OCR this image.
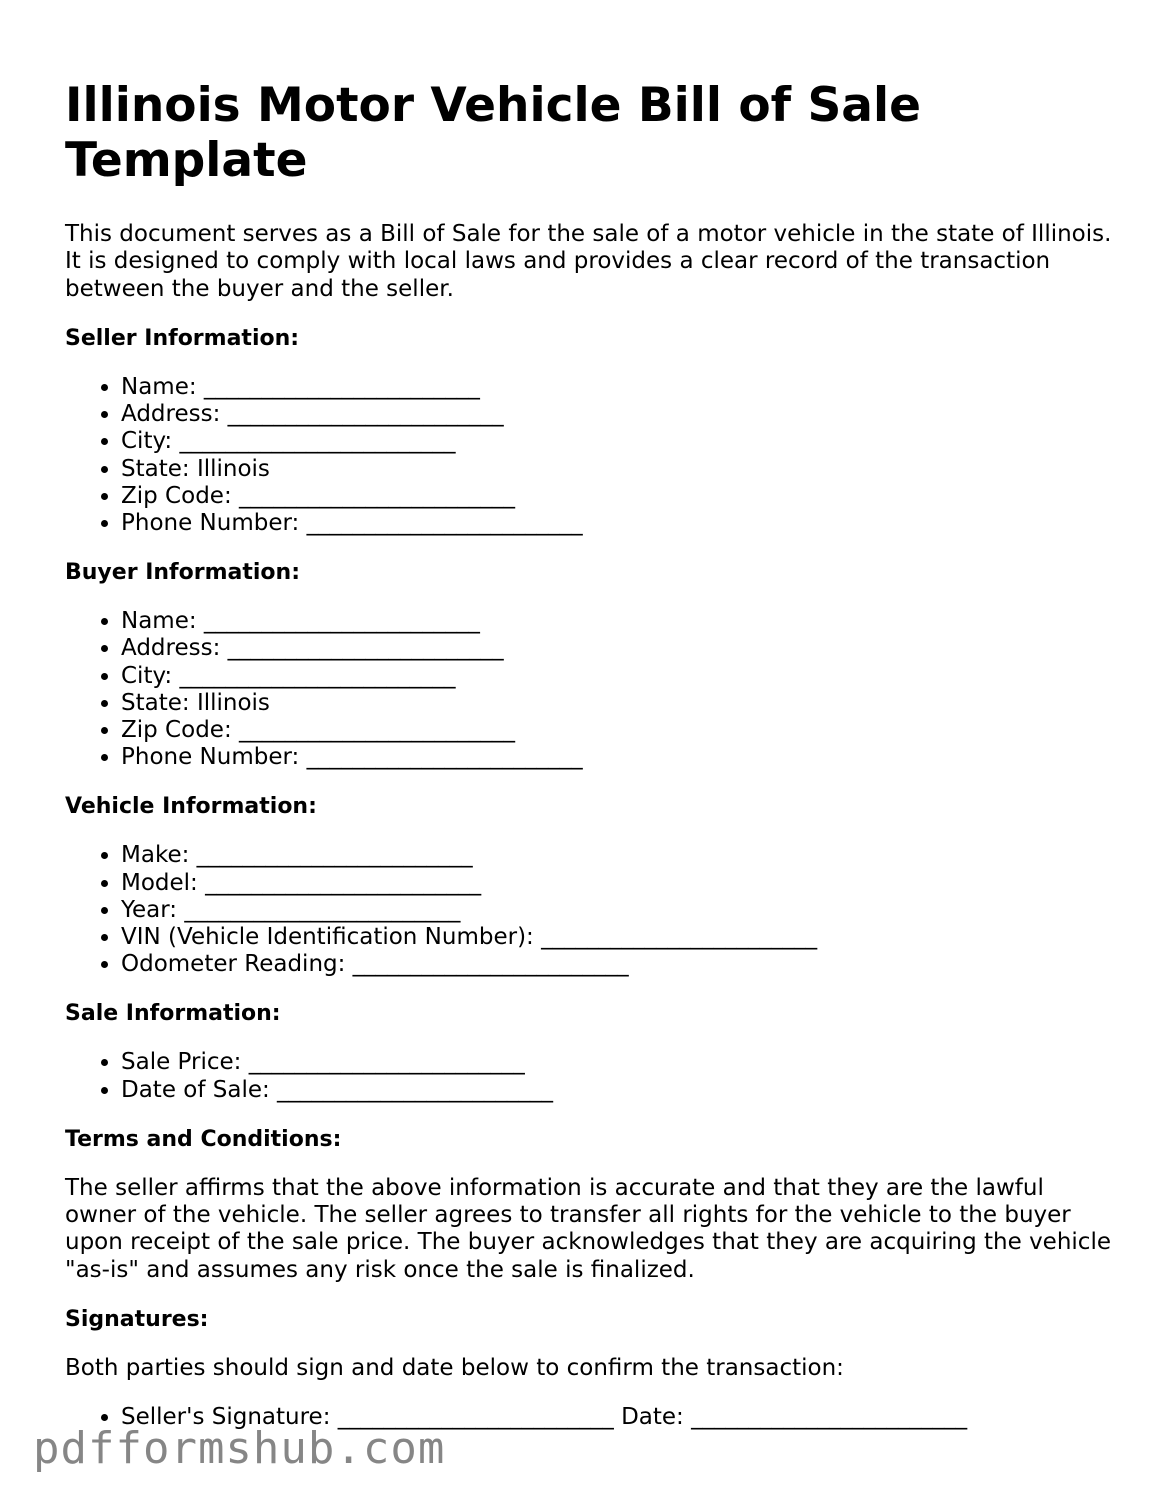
Illinois Motor Vehicle Bill of Sale Template

This document serves as a Bill of Sale for the sale of a motor vehicle in the state of Illinois. It is designed to comply with local laws and provides a clear record of the transaction between the buyer and the seller.

Seller Information:
• Name: ________________________
• Address: ________________________
• City: ________________________
• State: Illinois
• Zip Code: ________________________
• Phone Number: ________________________
Buyer Information:
• Name: ________________________
• Address: ________________________
• City: ________________________
• State: Illinois
• Zip Code: ________________________
• Phone Number: ________________________
Vehicle Information:
• Make: ________________________
• Model: ________________________
• Year: ________________________
• VIN (Vehicle Identification Number): ________________________
• Odometer Reading: ________________________
Sale Information:
• Sale Price: ________________________
• Date of Sale: ________________________
Terms and Conditions:

The seller affirms that the above information is accurate and that they are the lawful owner of the vehicle. The seller agrees to transfer all rights for the vehicle to the buyer upon receipt of the sale price. The buyer acknowledges that they are acquiring the vehicle "as-is" and assumes any risk once the sale is finalized.

Signatures:

Both parties should sign and date below to confirm the transaction:

• Seller's Signature: ________________________ Date: ________________________
pdfformshub.com
